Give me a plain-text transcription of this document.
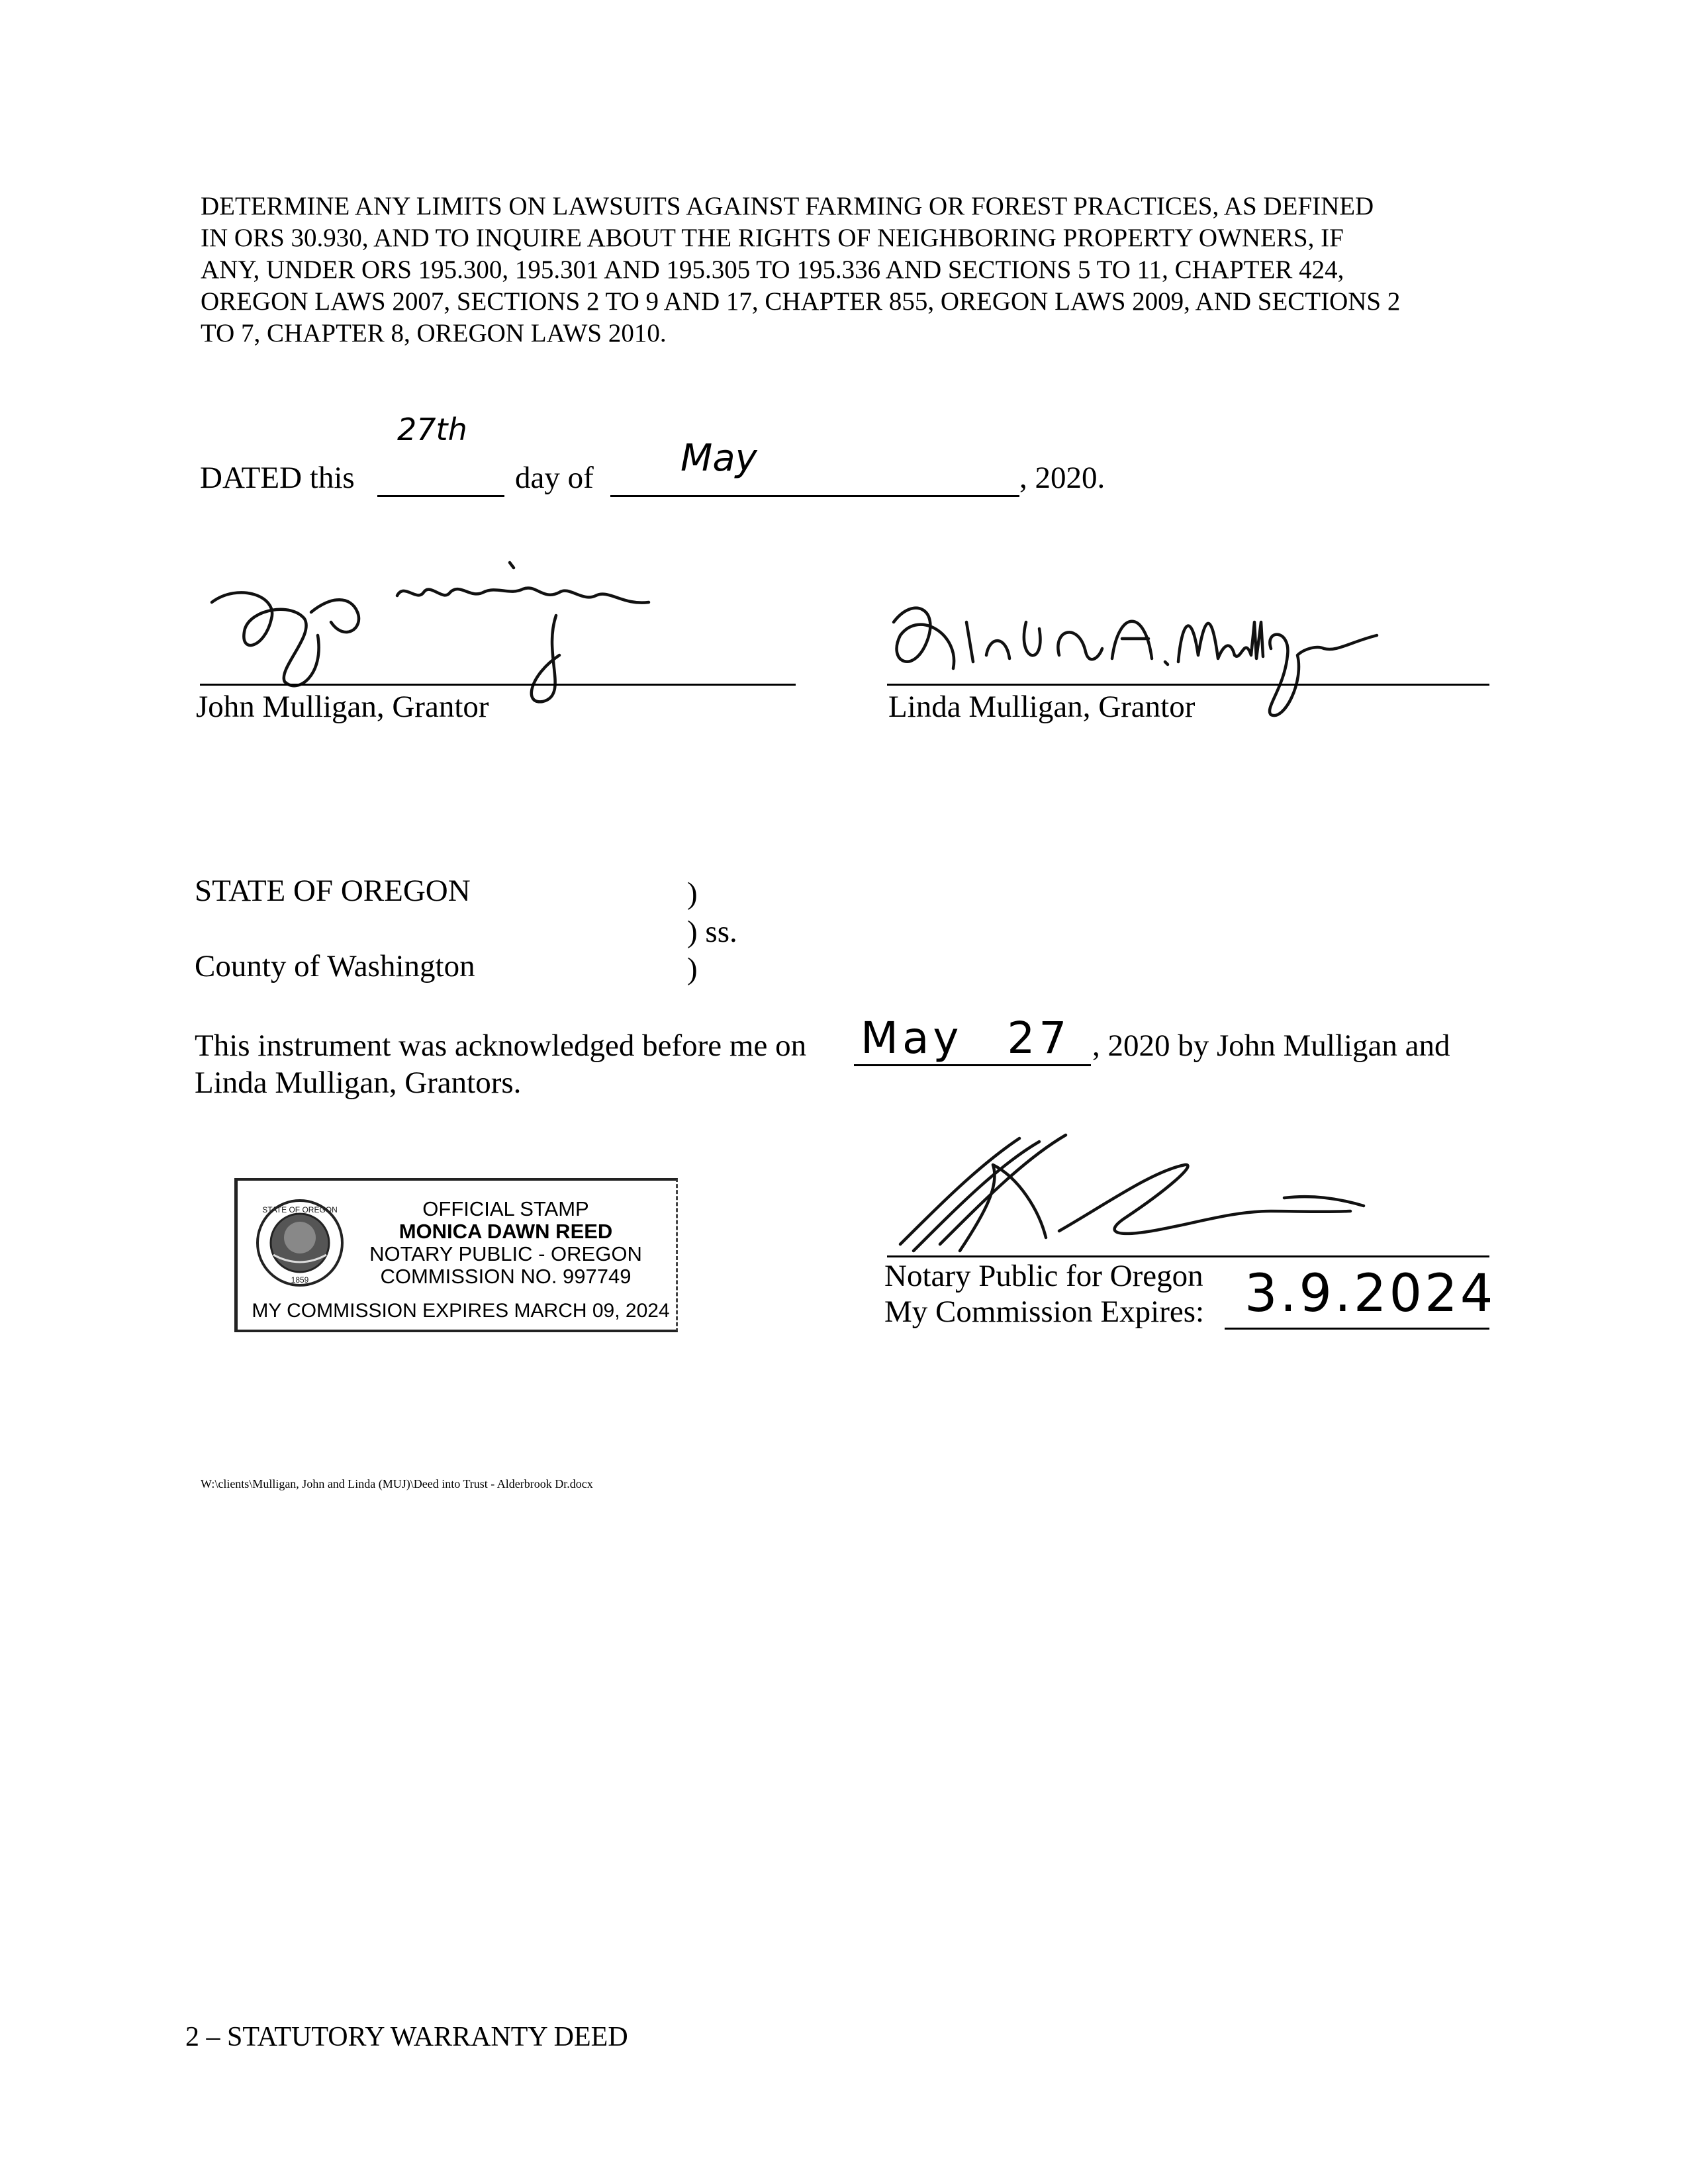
DETERMINE ANY LIMITS ON LAWSUITS AGAINST FARMING OR FOREST PRACTICES, AS DEFINED
IN ORS 30.930, AND TO INQUIRE ABOUT THE RIGHTS OF NEIGHBORING PROPERTY OWNERS, IF
ANY, UNDER ORS 195.300, 195.301 AND 195.305 TO 195.336 AND SECTIONS 5 TO 11, CHAPTER 424,
OREGON LAWS 2007, SECTIONS 2 TO 9 AND 17, CHAPTER 855, OREGON LAWS 2009, AND SECTIONS 2
TO 7, CHAPTER 8, OREGON LAWS 2010.
DATED this
27th
day of May	, 2020.
John Mulligan, Grantor	Linda Mulligan, Grantor
STATE OF OREGON	)
) ss.
County of Washington	)
This instrument was acknowledged before me on May 27 , 2020 by John Mulligan and
Linda Mulligan, Grantors.
STATE OF OREGON
1859
OFFICIAL STAMP
MONICA DAWN REED
NOTARY PUBLIC - OREGON
COMMISSION NO. 997749
MY COMMISSION EXPIRES MARCH 09, 2024
Notary Public for Oregon
My Commission Expires: 3.9.2024
W:\clients\Mulligan, John and Linda (MUJ)\Deed into Trust - Alderbrook Dr.docx
2 – STATUTORY WARRANTY DEED
